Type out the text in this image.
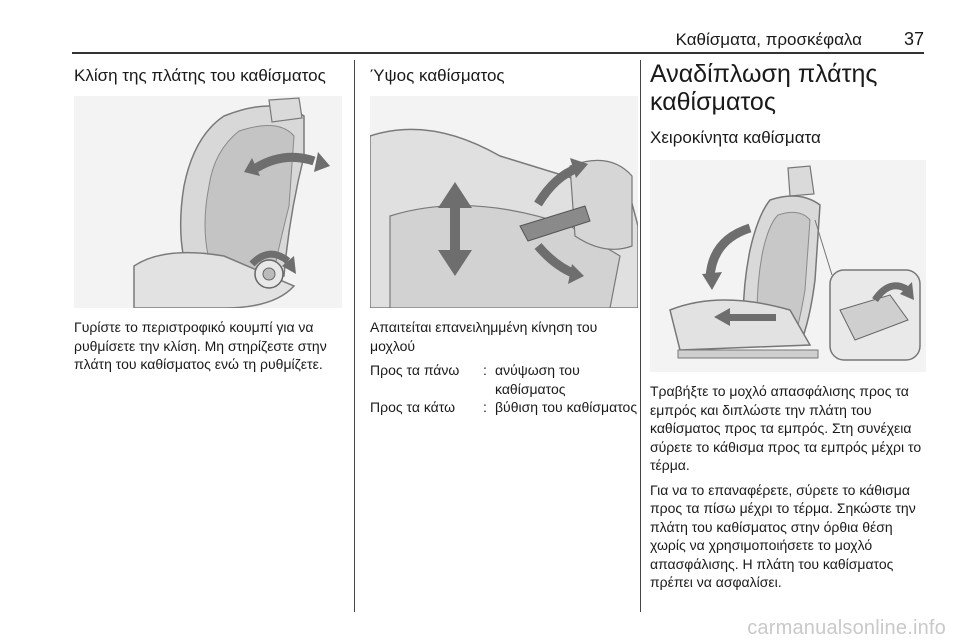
Καθίσματα, προσκέφαλα 37
Κλίση της πλάτης του καθίσματος
Γυρίστε το περιστροφικό κουμπί για να ρυθμίσετε την κλίση. Μη στηρίζεστε στην πλάτη του καθίσματος ενώ τη ρυθμίζετε.
Ύψος καθίσματος
Απαιτείται επανειλημμένη κίνηση του μοχλού
Προς τα πάνω	: ανύψωση του καθίσματος
Προς τα κάτω	: βύθιση του καθίσματος
Αναδίπλωση πλάτης καθίσματος
Χειροκίνητα καθίσματα
Τραβήξτε το μοχλό απασφάλισης προς τα εμπρός και διπλώστε την πλάτη του καθίσματος προς τα εμπρός. Στη συνέχεια σύρετε το κάθισμα προς τα εμπρός μέχρι το τέρμα.
Για να το επαναφέρετε, σύρετε το κάθισμα προς τα πίσω μέχρι το τέρμα. Σηκώστε την πλάτη του καθίσματος στην όρθια θέση χωρίς να χρησιμοποιήσετε το μοχλό απασφάλισης. Η πλάτη του καθίσματος πρέπει να ασφαλίσει.
carmanualsonline.info
